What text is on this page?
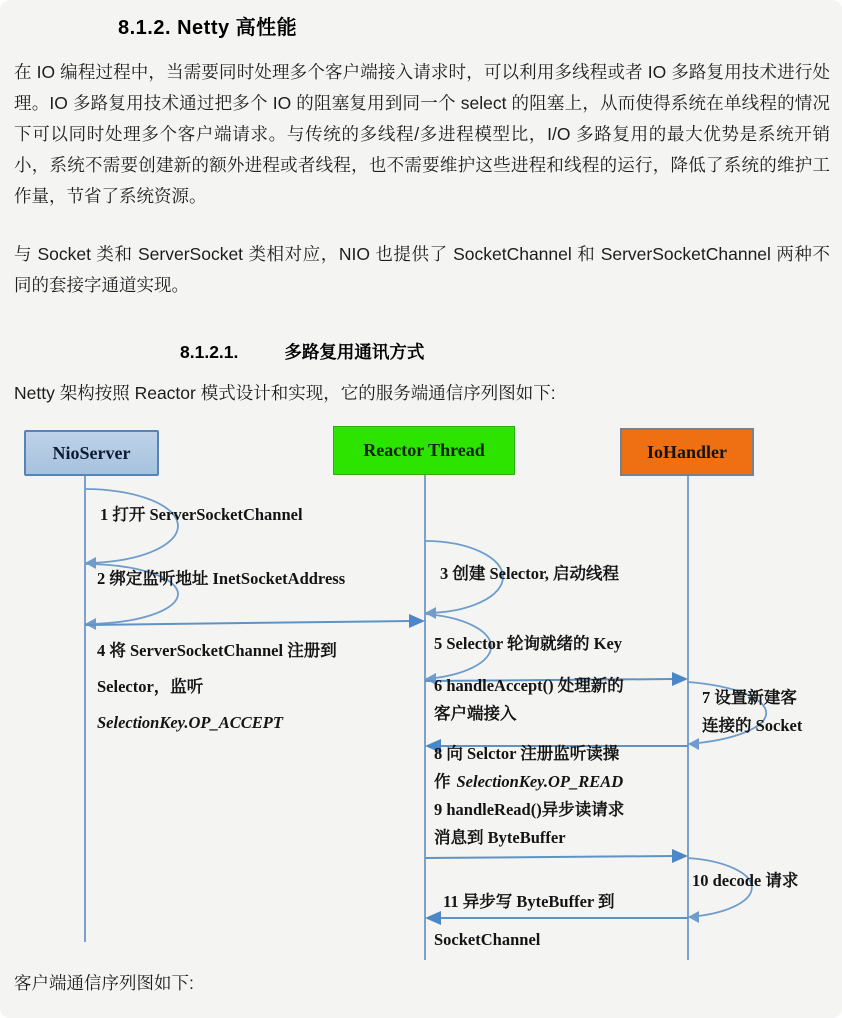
8.1.2. Netty 高性能
在 IO 编程过程中，当需要同时处理多个客户端接入请求时，可以利用多线程或者 IO 多路复用技术进行处理。IO 多路复用技术通过把多个 IO 的阻塞复用到同一个 select 的阻塞上，从而使得系统在单线程的情况下可以同时处理多个客户端请求。与传统的多线程/多进程模型比，I/O 多路复用的最大优势是系统开销小，系统不需要创建新的额外进程或者线程，也不需要维护这些进程和线程的运行，降低了系统的维护工作量，节省了系统资源。
与 Socket 类和 ServerSocket 类相对应，NIO 也提供了 SocketChannel 和 ServerSocketChannel 两种不同的套接字通道实现。
8.1.2.1.	多路复用通讯方式
Netty 架构按照 Reactor 模式设计和实现，它的服务端通信序列图如下:
NioServer	Reactor Thread	IoHandler
1 打开 ServerSocketChannel
2 绑定监听地址 InetSocketAddress	3 创建 Selector, 启动线程
4 将 ServerSocketChannel 注册到
Selector，监听
SelectionKey.OP_ACCEPT
5 Selector 轮询就绪的 Key
6 handleAccept() 处理新的
客户端接入
7 设置新建客
连接的 Socket
8 向 Selctor 注册监听读操
作 SelectionKey.OP_READ
9 handleRead()异步读请求
消息到 ByteBuffer
10 decode 请求
11 异步写 ByteBuffer 到
SocketChannel
客户端通信序列图如下:
